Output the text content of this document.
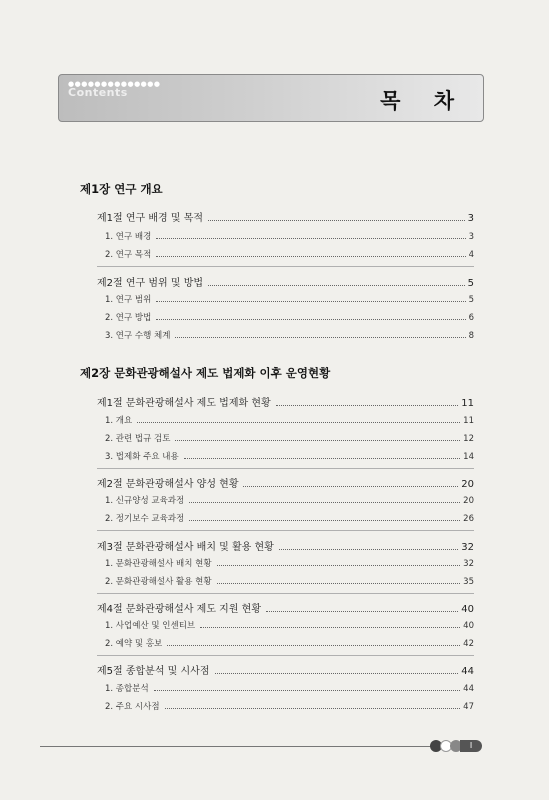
●●●●●●●●●●●●●●
Contents	목 차
제1장 연구 개요
제1절 연구 배경 및 목적	3
1. 연구 배경	3
2. 연구 목적	4
제2절 연구 범위 및 방법	5
1. 연구 범위	5
2. 연구 방법	6
3. 연구 수행 체계	8
제2장 문화관광해설사 제도 법제화 이후 운영현황
제1절 문화관광해설사 제도 법제화 현황	11
1. 개요	11
2. 관련 법규 검토	12
3. 법제화 주요 내용	14
제2절 문화관광해설사 양성 현황	20
1. 신규양성 교육과정	20
2. 정기보수 교육과정	26
제3절 문화관광해설사 배치 및 활용 현황	32
1. 문화관광해설사 배치 현황	32
2. 문화관광해설사 활용 현황	35
제4절 문화관광해설사 제도 지원 현황	40
1. 사업예산 및 인센티브	40
2. 예약 및 홍보	42
제5절 종합분석 및 시사점	44
1. 종합분석	44
2. 주요 시사점	47
I
